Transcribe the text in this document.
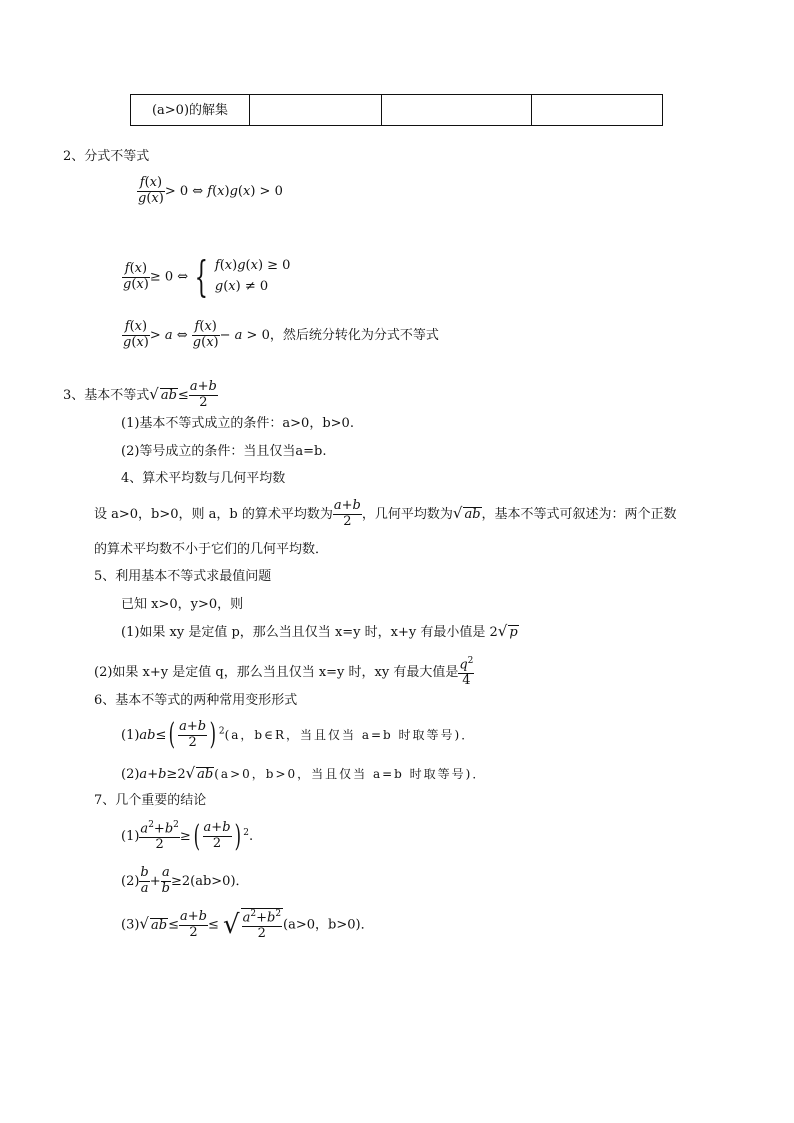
(a>0)的解集			
2、分式不等式
$\frac{f(x)}{g(x)} > 0$ ⇔ f(x)g(x) > 0
$\frac{f(x)}{g(x)} \ge 0$ ⇔ { f(x)g(x) ≥ 0
g(x) ≠ 0
$\frac{f(x)}{g(x)} > a$ ⇔ $\frac{f(x)}{g(x)} - a > 0$，然后统分转化为分式不等式
3、基本不等式√ $ab\le \frac{a+b}{2}$
(1)基本不等式成立的条件：a>0，b>0.
(2)等号成立的条件：当且仅当a=b.
4、算术平均数与几何平均数
设 a>0，b>0，则 a，b 的算术平均数为 $\frac{a+b}{2}$ ，几何平均数为√ ab，基本不等式可叙述为：两个正数
的算术平均数不小于它们的几何平均数．
5、利用基本不等式求最值问题
已知 x>0，y>0，则
(1)如果 xy 是定值 p，那么当且仅当 x=y 时，x+y 有最小值是 2√ p
(2)如果 x+y 是定值 q，那么当且仅当 x=y 时，xy 有最大值是 $\frac{q^2}{4}$
6、基本不等式的两种常用变形形式
$(1)ab\le( \frac{a+b}{2}$ ) $^2$(a，b∈R，当且仅当 a=b 时取等号)．
(2)a+b≥2√ ab(a>0，b>0，当且仅当 a=b 时取等号)．
7、几个重要的结论
$(1) \frac{a^2+b^2}{2}$ ≥( $\frac{a+b}{2}$ ) $^2$.
$(2) \frac{b}{a} + \frac{a}{b} \ge 2(ab>0)$．
(3)√ $ab\le \frac{a+b}{2}$ ≤ √ $\frac{a^2+b^2}{2} (a>0$，b>0)．
